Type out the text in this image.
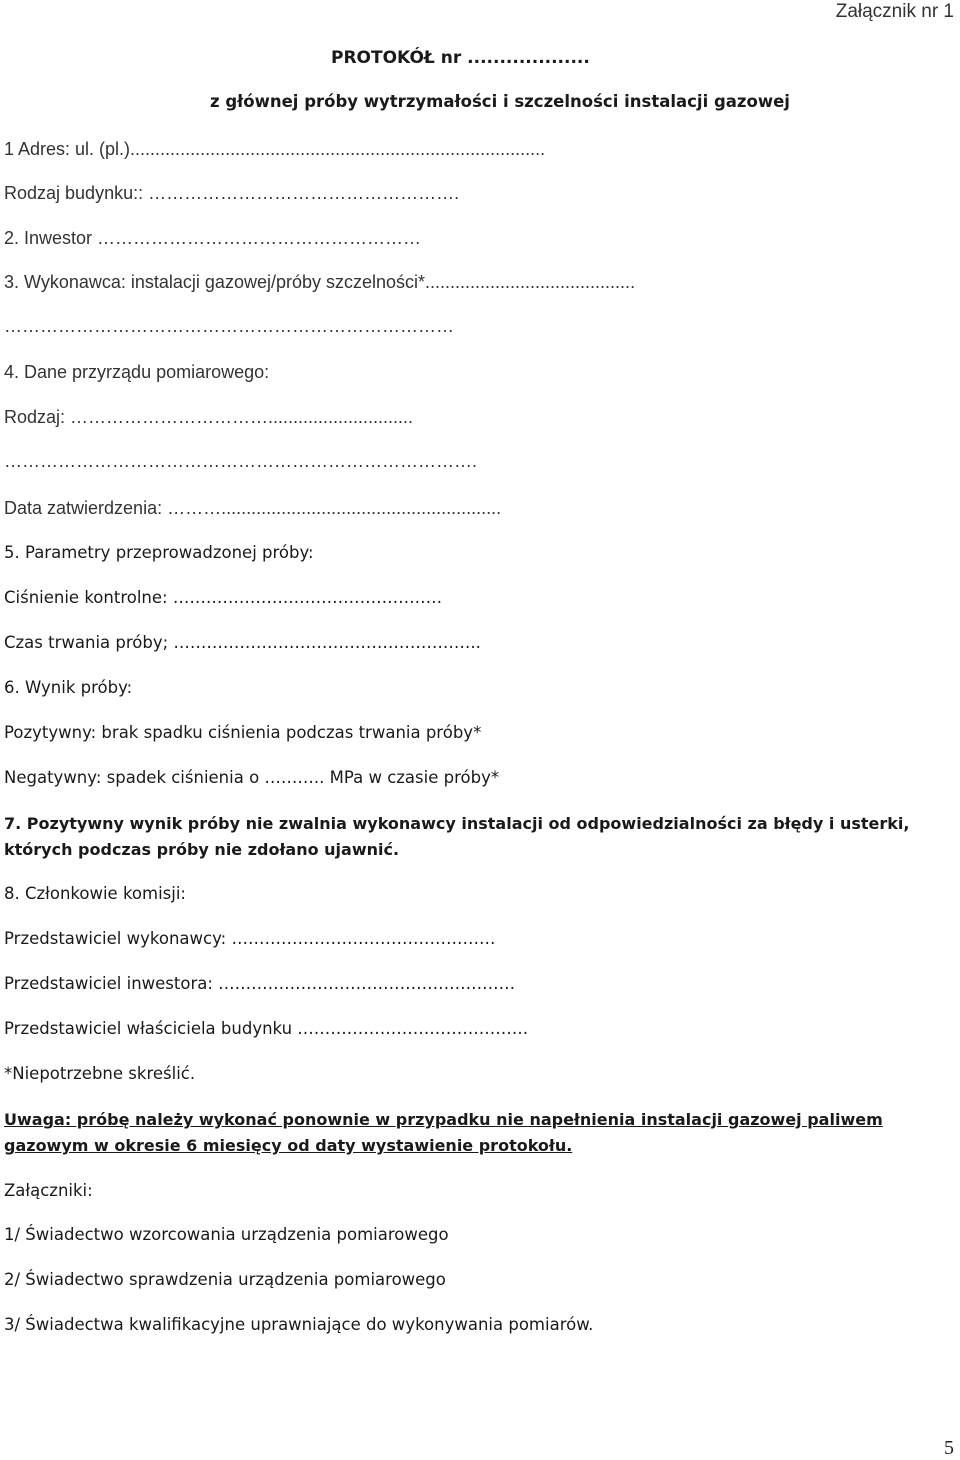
Załącznik nr 1
PROTOKÓŁ nr ...................
z głównej próby wytrzymałości i szczelności instalacji gazowej
1 Adres: ul. (pl.)...................................................................................
Rodzaj budynku:: …………………………………………….
2. Inwestor ………………………………………………
3. Wykonawca: instalacji gazowej/próby szczelności*..........................................
…………………………………………………………………
4. Dane przyrządu pomiarowego:
Rodzaj: …………………………….............................
…………………………………………………………………….
Data zatwierdzenia: ………........................................................
5. Parametry przeprowadzonej próby:
Ciśnienie kontrolne: ………………….………………………
Czas trwania próby; ………………………………………………..
6. Wynik próby:
Pozytywny: brak spadku ciśnienia podczas trwania próby*
Negatywny: spadek ciśnienia o ……….. MPa w czasie próby*
7. Pozytywny wynik próby nie zwalnia wykonawcy instalacji od odpowiedzialności za błędy i usterki, których podczas próby nie zdołano ujawnić.
8. Członkowie komisji:
Przedstawiciel wykonawcy: …………………………………………
Przedstawiciel inwestora: ………………………………………………
Przedstawiciel właściciela budynku ……………………………………
*Niepotrzebne skreślić.
Uwaga: próbę należy wykonać ponownie w przypadku nie napełnienia instalacji gazowej paliwem gazowym w okresie 6 miesięcy od daty wystawienie protokołu.
Załączniki:
1/ Świadectwo wzorcowania urządzenia pomiarowego
2/ Świadectwo sprawdzenia urządzenia pomiarowego
3/ Świadectwa kwalifikacyjne uprawniające do wykonywania pomiarów.
5
